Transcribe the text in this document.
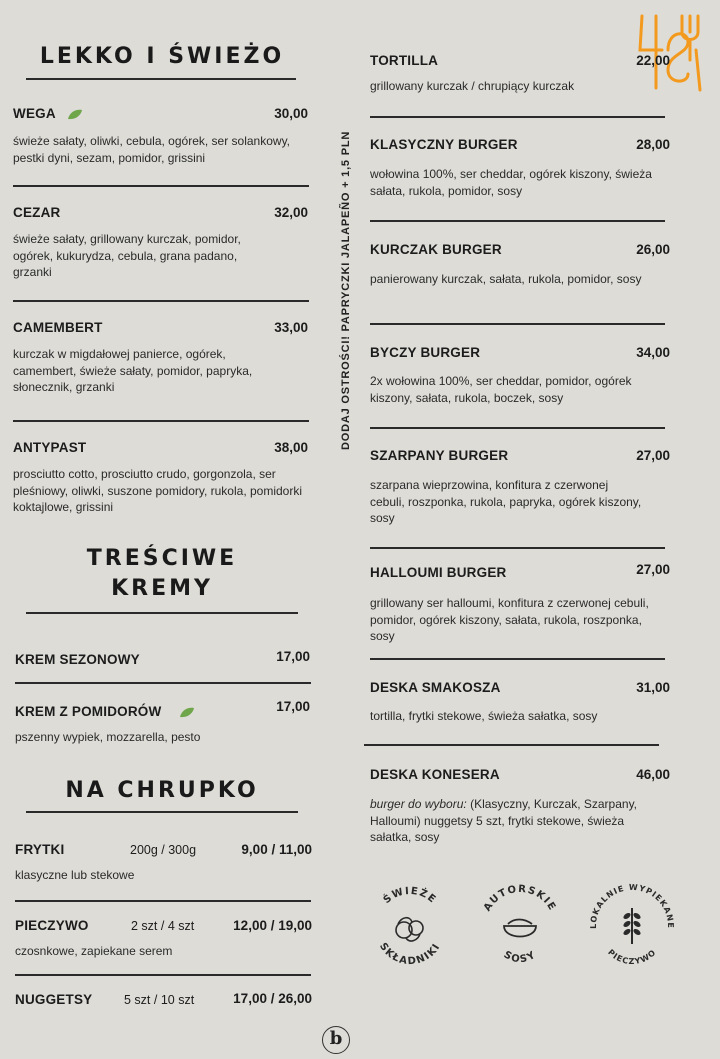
LEKKO I ŚWIEŻO
WEGA	30,00
świeże sałaty, oliwki, cebula, ogórek, ser solankowy, pestki dyni, sezam, pomidor, grissini
CEZAR	32,00
świeże sałaty, grillowany kurczak, pomidor, ogórek, kukurydza, cebula, grana padano, grzanki
CAMEMBERT	33,00
kurczak w migdałowej panierce, ogórek, camembert, świeże sałaty, pomidor, papryka, słonecznik, grzanki
ANTYPAST	38,00
prosciutto cotto, prosciutto crudo, gorgonzola, ser pleśniowy, oliwki, suszone pomidory, rukola, pomidorki koktajlowe, grissini
TREŚCIWE
KREMY
KREM SEZONOWY	17,00
KREM Z POMIDORÓW	17,00
pszenny wypiek, mozzarella, pesto
NA CHRUPKO
FRYTKI	200g / 300g	9,00 / 11,00
klasyczne lub stekowe
PIECZYWO	2 szt / 4 szt	12,00 / 19,00
czosnkowe, zapiekane serem
NUGGETSY	5 szt / 10 szt	17,00 / 26,00
DODAJ OSTROŚCI! PAPRYCZKI JALAPEÑO + 1,5 PLN
TORTILLA	22,00
grillowany kurczak / chrupiący kurczak
KLASYCZNY BURGER	28,00
wołowina 100%, ser cheddar, ogórek kiszony, świeża sałata, rukola, pomidor, sosy
KURCZAK BURGER	26,00
panierowany kurczak, sałata, rukola, pomidor, sosy
BYCZY BURGER	34,00
2x wołowina 100%, ser cheddar, pomidor, ogórek kiszony, sałata, rukola, boczek, sosy
SZARPANY BURGER	27,00
szarpana wieprzowina, konfitura z czerwonej cebuli, roszponka, rukola, papryka, ogórek kiszony, sosy
HALLOUMI BURGER	27,00
grillowany ser halloumi, konfitura z czerwonej cebuli, pomidor, ogórek kiszony, sałata, rukola, roszponka, sosy
DESKA SMAKOSZA	31,00
tortilla, frytki stekowe, świeża sałatka, sosy
DESKA KONESERA	46,00
burger do wyboru: (Klasyczny, Kurczak, Szarpany, Halloumi) nuggetsy 5 szt, frytki stekowe, świeża sałatka, sosy
ŚWIEŻE
SKŁADNIKI
AUTORSKIE
SOSY
LOKALNIE WYPIEKANE
PIECZYWO
b
